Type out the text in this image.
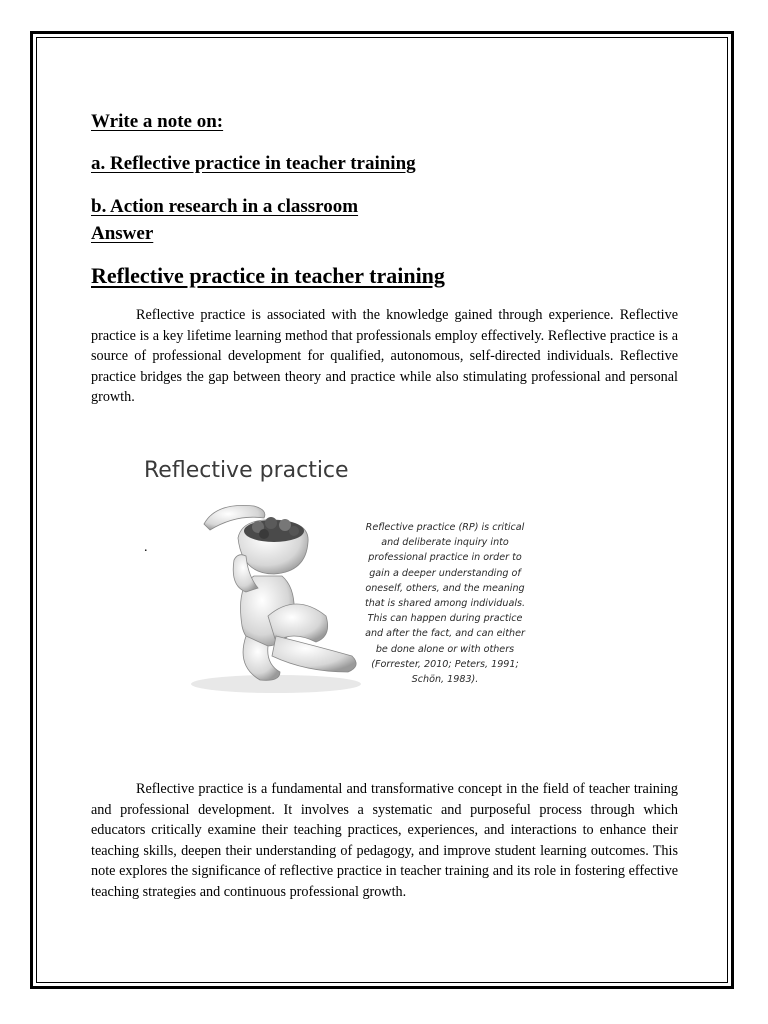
Write a note on:
a. Reflective practice in teacher training
b. Action research in a classroom
Answer
Reflective practice in teacher training

Reflective practice is associated with the knowledge gained through experience. Reflective practice is a key lifetime learning method that professionals employ effectively. Reflective practice is a source of professional development for qualified, autonomous, self-directed individuals. Reflective practice bridges the gap between theory and practice while also stimulating professional and personal growth.

Reflective practice

.

Reflective practice (RP) is critical and deliberate inquiry into professional practice in order to gain a deeper understanding of oneself, others, and the meaning that is shared among individuals. This can happen during practice and after the fact, and can either be done alone or with others (Forrester, 2010; Peters, 1991; Schön, 1983).

Reflective practice is a fundamental and transformative concept in the field of teacher training and professional development. It involves a systematic and purposeful process through which educators critically examine their teaching practices, experiences, and interactions to enhance their teaching skills, deepen their understanding of pedagogy, and improve student learning outcomes. This note explores the significance of reflective practice in teacher training and its role in fostering effective teaching strategies and continuous professional growth.
